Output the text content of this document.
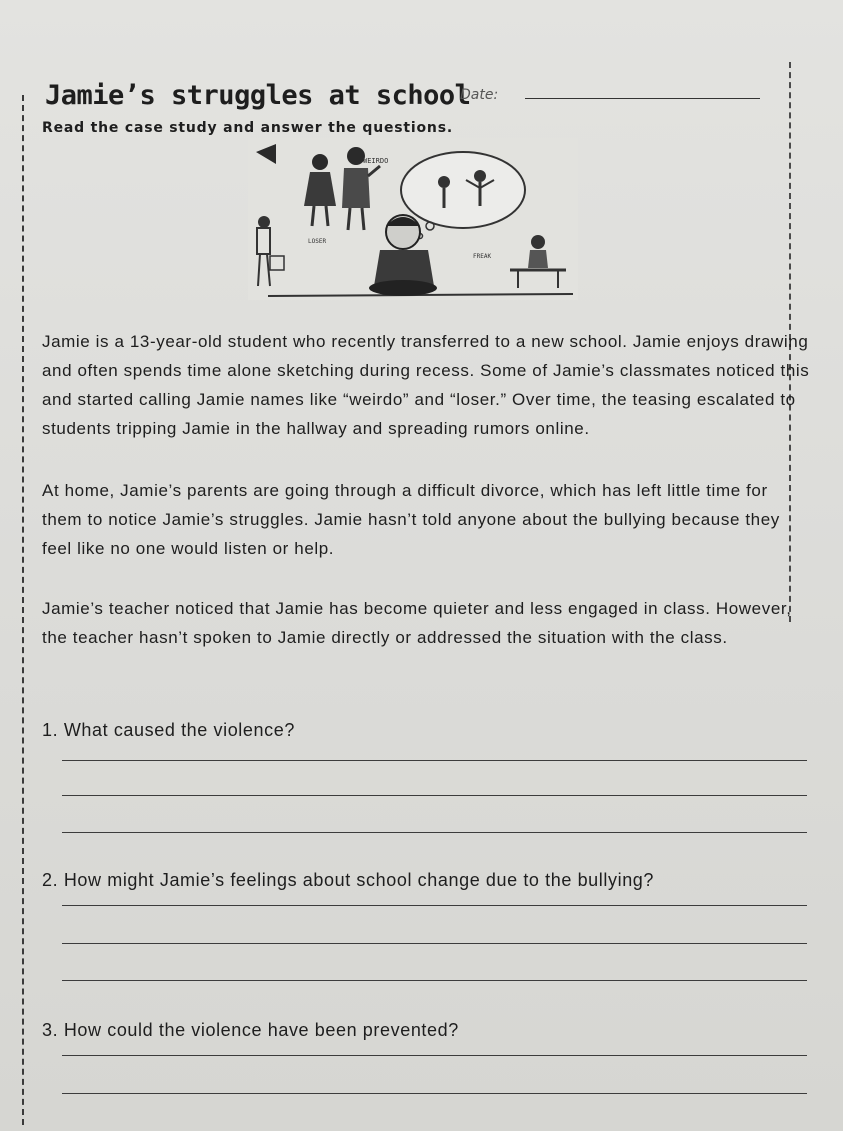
Jamie’s struggles at school
Date:
Read the case study and answer the questions.
WEIRDO
LOSER
FREAK
Jamie is a 13-year-old student who recently transferred to a new school. Jamie enjoys drawing and often spends time alone sketching during recess. Some of Jamie’s classmates noticed this and started calling Jamie names like “weirdo” and “loser.” Over time, the teasing escalated to students tripping Jamie in the hallway and spreading rumors online.
At home, Jamie’s parents are going through a difficult divorce, which has left little time for them to notice Jamie’s struggles. Jamie hasn’t told anyone about the bullying because they feel like no one would listen or help.
Jamie’s teacher noticed that Jamie has become quieter and less engaged in class. However, the teacher hasn’t spoken to Jamie directly or addressed the situation with the class.
1. What caused the violence?
2. How might Jamie’s feelings about school change due to the bullying?
3. How could the violence have been prevented?
